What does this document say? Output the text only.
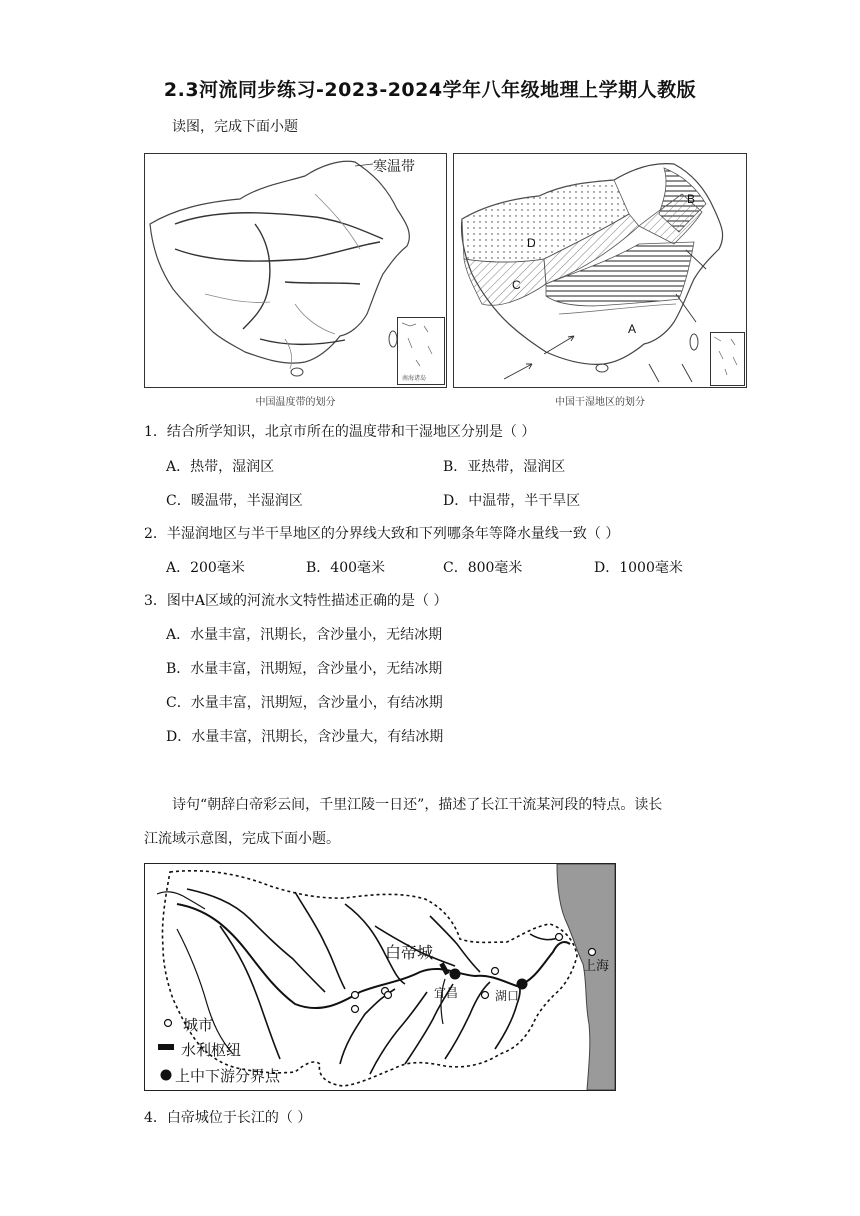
2.3河流同步练习-2023-2024学年八年级地理上学期人教版
读图，完成下面小题
寒温带
南海诸岛
中国温度带的划分
A
B
C
D
中国干湿地区的划分
1．结合所学知识，北京市所在的温度带和干湿地区分别是（ ）
A．热带，湿润区	B．亚热带，湿润区
C．暖温带，半湿润区	D．中温带，半干旱区
2．半湿润地区与半干旱地区的分界线大致和下列哪条年等降水量线一致（ ）
A．200毫米	B．400毫米	C．800毫米	D．1000毫米
3．图中A区域的河流水文特性描述正确的是（ ）
A．水量丰富，汛期长，含沙量小，无结冰期
B．水量丰富，汛期短，含沙量小，无结冰期
C．水量丰富，汛期短，含沙量小，有结冰期
D．水量丰富，汛期长，含沙量大，有结冰期
诗句“朝辞白帝彩云间，千里江陵一日还”，描述了长江干流某河段的特点。读长
江流域示意图，完成下面小题。
白帝城
宜昌	湖口
上海
城市
水利枢纽
上中下游分界点
4．白帝城位于长江的（ ）
